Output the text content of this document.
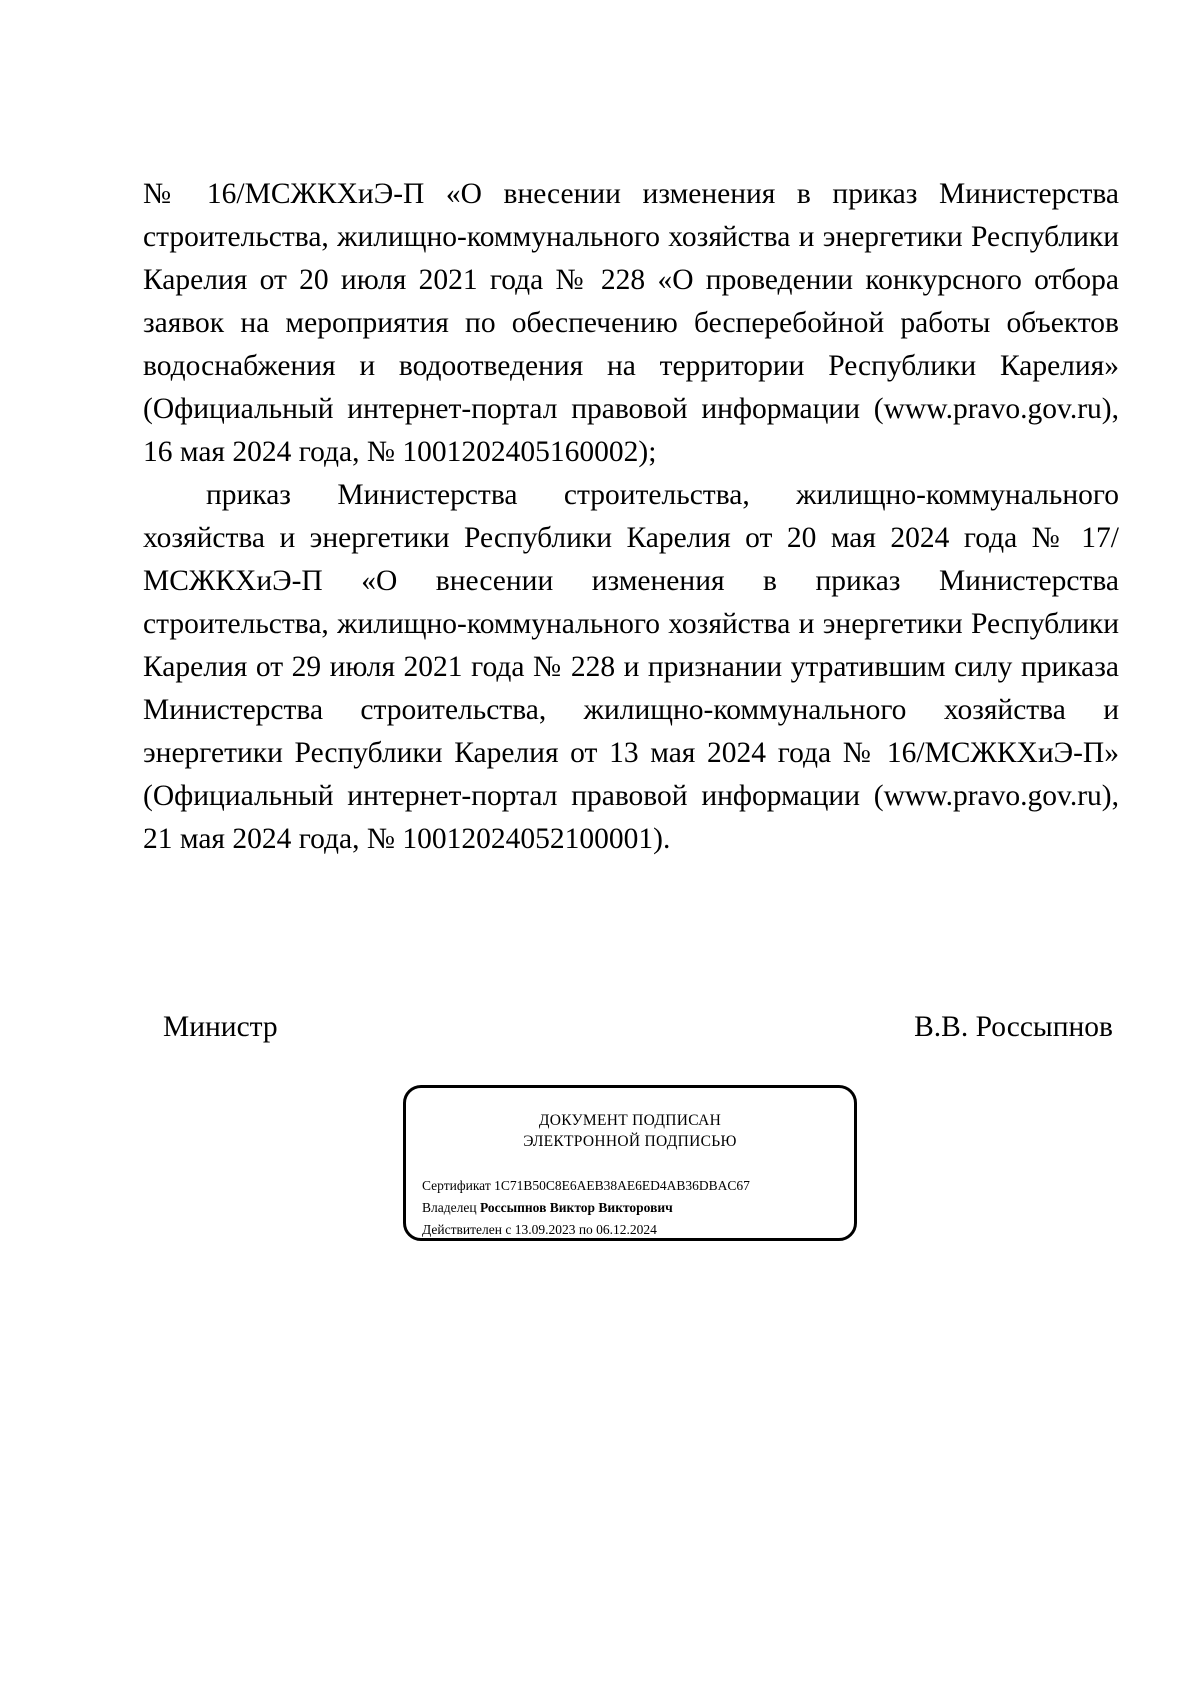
№ 16/МСЖКХиЭ-П «О внесении изменения в приказ Министерства строительства, жилищно-коммунального хозяйства и энергетики Республики Карелия от 20 июля 2021 года № 228 «О проведении конкурсного отбора заявок на мероприятия по обеспечению бесперебойной работы объектов водоснабжения и водоотведения на территории Республики Карелия» (Официальный интернет-портал правовой информации (www.pravo.gov.ru), 16 мая 2024 года, № 1001202405160002);

приказ Министерства строительства, жилищно-коммунального хозяйства и энергетики Республики Карелия от 20 мая 2024 года № 17/МСЖКХиЭ-П «О внесении изменения в приказ Министерства строительства, жилищно-коммунального хозяйства и энергетики Республики Карелия от 29 июля 2021 года № 228 и признании утратившим силу приказа Министерства строительства, жилищно-коммунального хозяйства и энергетики Республики Карелия от 13 мая 2024 года № 16/МСЖКХиЭ-П» (Официальный интернет-портал правовой информации (www.pravo.gov.ru), 21 мая 2024 года, № 10012024052100001).

Министр	В.В. Россыпнов
ДОКУМЕНТ ПОДПИСАН
ЭЛЕКТРОННОЙ ПОДПИСЬЮ
Сертификат 1C71B50C8E6AEB38AE6ED4AB36DBAC67
Владелец Россыпнов Виктор Викторович
Действителен с 13.09.2023 по 06.12.2024
